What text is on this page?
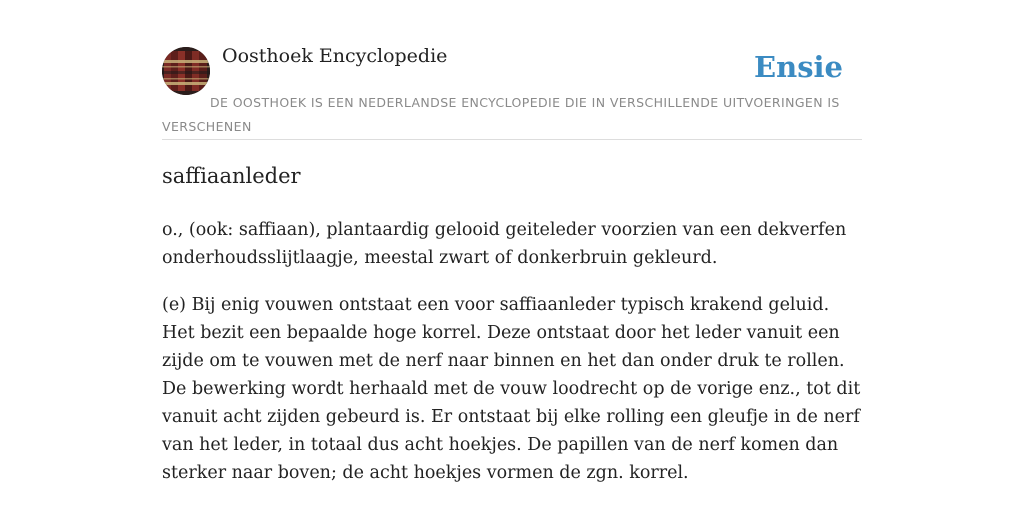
Oosthoek Encyclopedie	Ensie
DE OOSTHOEK IS EEN NEDERLANDSE ENCYCLOPEDIE DIE IN VERSCHILLENDE UITVOERINGEN IS VERSCHENEN
saffiaanleder

o., (ook: saffiaan), plantaardig gelooid geiteleder voorzien van een dekverfen onderhoudsslijtlaagje, meestal zwart of donkerbruin gekleurd.

(e) Bij enig vouwen ontstaat een voor saffiaanleder typisch krakend geluid. Het bezit een bepaalde hoge korrel. Deze ontstaat door het leder vanuit een zijde om te vouwen met de nerf naar binnen en het dan onder druk te rollen. De bewerking wordt herhaald met de vouw loodrecht op de vorige enz., tot dit vanuit acht zijden gebeurd is. Er ontstaat bij elke rolling een gleufje in de nerf van het leder, in totaal dus acht hoekjes. De papillen van de nerf komen dan sterker naar boven; de acht hoekjes vormen de zgn. korrel.
